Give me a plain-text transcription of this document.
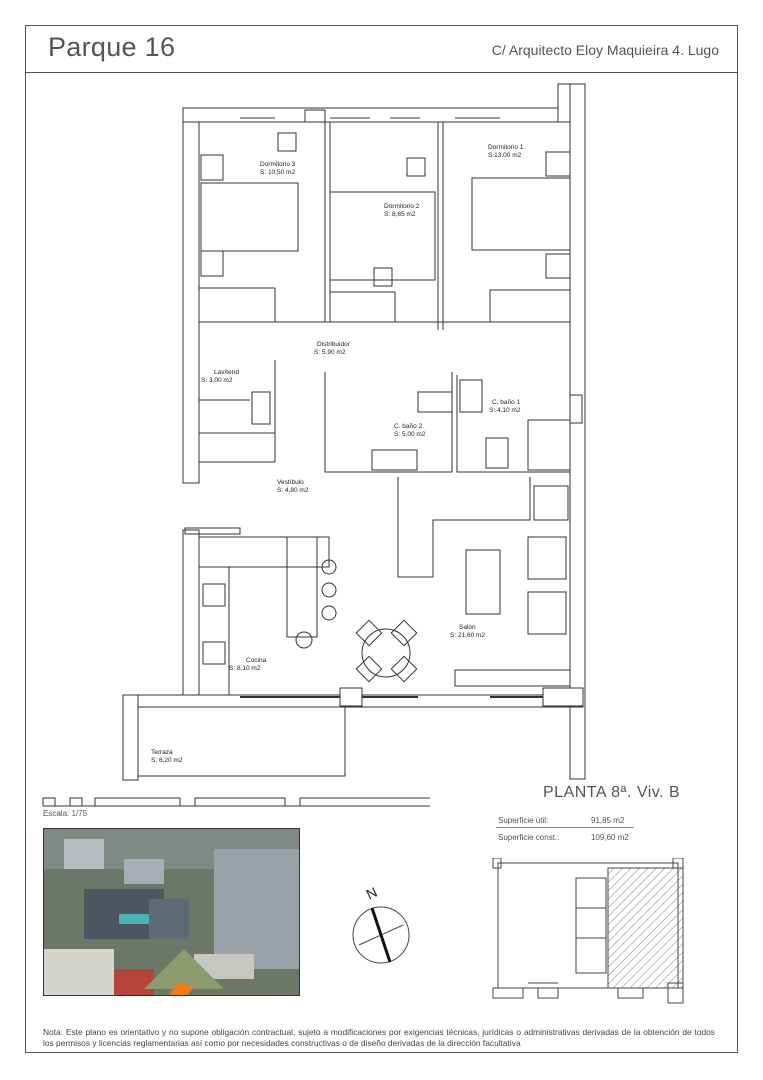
Parque 16	C/ Arquitecto Eloy Maquieira 4. Lugo
Dormitorio 3
S: 10,50 m2
Dormitorio 2
S: 8,65 m2
Dormitorio 1
S:13,00 m2
Distribuidor
S: 5,90 m2
Lav/tend
S: 3,00 m2
C. baño 2
S: 5,00 m2
C. baño 1
S: 4,10 m2
Vestíbulo
S: 4,80 m2
Salón
S: 21,60 m2
Cocina
S: 8,10 m2
Terraza
S: 6,20 m2
PLANTA 8ª. Viv. B
Escala: 1/75
Superficie útil:	91,85 m2
Superficie const.:	109,60 m2
N
Nota: Este plano es orientativo y no supone obligación contractual, sujeto a modificaciones por exigencias técnicas, jurídicas o administrativas derivadas de la obtención de todos los permisos y licencias reglamentarias así como por necesidades constructivas o de diseño derivadas de la dirección facultativa
